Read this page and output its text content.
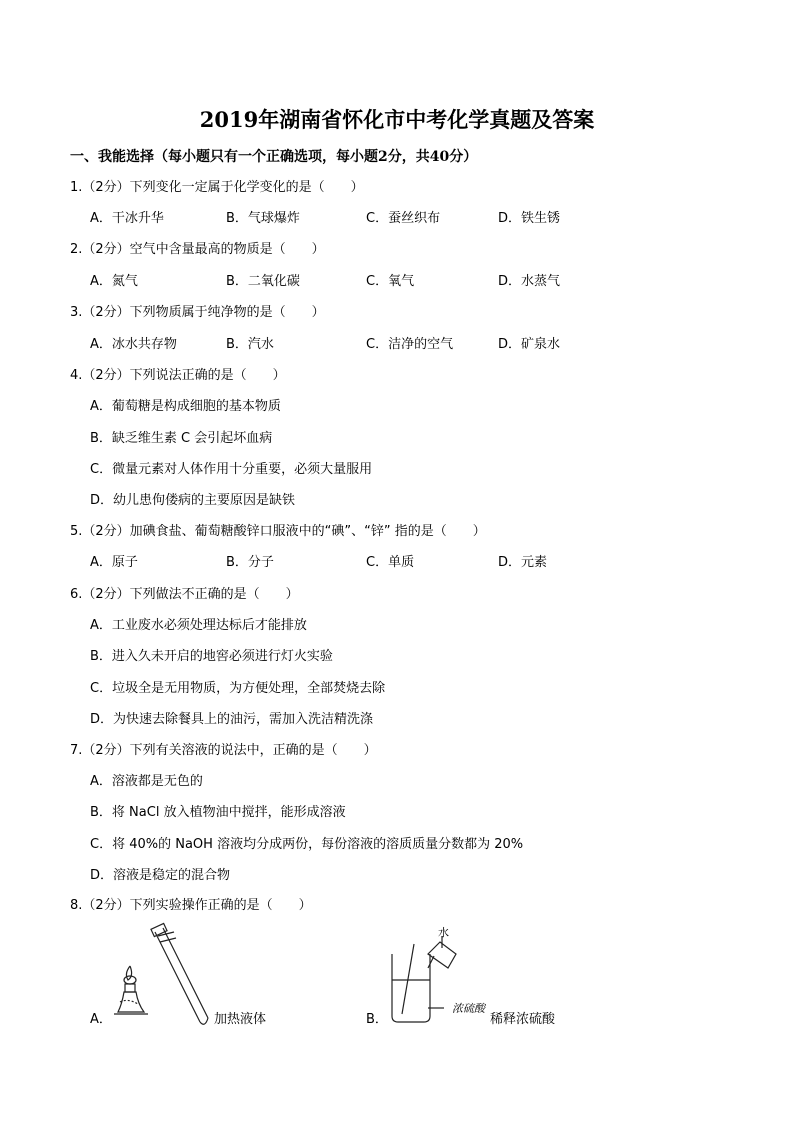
2019年湖南省怀化市中考化学真题及答案
一、我能选择（每小题只有一个正确选项，每小题2分，共40分）
1.（2分）下列变化一定属于化学变化的是（　　）
A．干冰升华	B．气球爆炸	C．蚕丝织布	D．铁生锈
2.（2分）空气中含量最高的物质是（　　）
A．氮气	B．二氧化碳	C．氧气	D．水蒸气
3.（2分）下列物质属于纯净物的是（　　）
A．冰水共存物	B．汽水	C．洁净的空气	D．矿泉水
4.（2分）下列说法正确的是（　　）
A．葡萄糖是构成细胞的基本物质
B．缺乏维生素 C 会引起坏血病
C．微量元素对人体作用十分重要，必须大量服用
D．幼儿患佝偻病的主要原因是缺铁
5.（2分）加碘食盐、葡萄糖酸锌口服液中的“碘”、“锌” 指的是（　　）
A．原子	B．分子	C．单质	D．元素
6.（2分）下列做法不正确的是（　　）
A．工业废水必须处理达标后才能排放
B．进入久未开启的地窖必须进行灯火实验
C．垃圾全是无用物质，为方便处理，全部焚烧去除
D．为快速去除餐具上的油污，需加入洗洁精洗涤
7.（2分）下列有关溶液的说法中，正确的是（　　）
A．溶液都是无色的
B．将 NaCl 放入植物油中搅拌，能形成溶液
C．将 40%的 NaOH 溶液均分成两份，每份溶液的溶质质量分数都为 20%
D．溶液是稳定的混合物
8.（2分）下列实验操作正确的是（　　）
A．	加热液体	B．
水
浓硫酸
稀释浓硫酸
